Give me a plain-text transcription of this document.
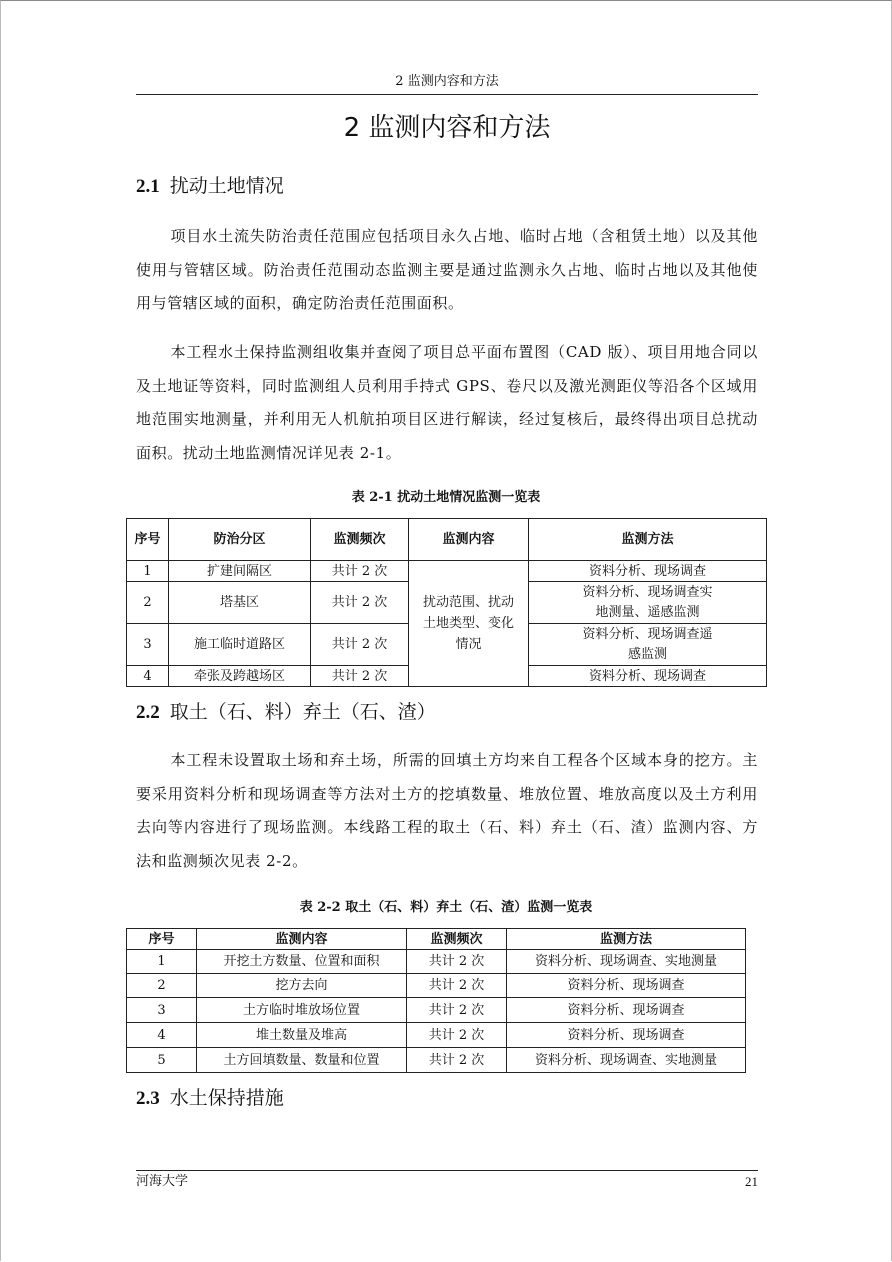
2 监测内容和方法
2 监测内容和方法
2.1 扰动土地情况

项目水土流失防治责任范围应包括项目永久占地、临时占地（含租赁土地）以及其他使用与管辖区域。防治责任范围动态监测主要是通过监测永久占地、临时占地以及其他使用与管辖区域的面积，确定防治责任范围面积。

本工程水土保持监测组收集并查阅了项目总平面布置图（CAD 版）、项目用地合同以及土地证等资料，同时监测组人员利用手持式 GPS、卷尺以及激光测距仪等沿各个区域用地范围实地测量，并利用无人机航拍项目区进行解读，经过复核后，最终得出项目总扰动面积。扰动土地监测情况详见表 2-1。

表 2-1 扰动土地情况监测一览表

序号	防治分区	监测频次	监测内容	监测方法
1	扩建间隔区	共计 2 次	扰动范围、扰动土地类型、变化情况	资料分析、现场调查
2	塔基区	共计 2 次		资料分析、现场调查实地测量、遥感监测
3	施工临时道路区	共计 2 次		资料分析、现场调查遥感监测
4	牵张及跨越场区	共计 2 次		资料分析、现场调查
2.2 取土（石、料）弃土（石、渣）

本工程未设置取土场和弃土场，所需的回填土方均来自工程各个区域本身的挖方。主要采用资料分析和现场调查等方法对土方的挖填数量、堆放位置、堆放高度以及土方利用去向等内容进行了现场监测。本线路工程的取土（石、料）弃土（石、渣）监测内容、方法和监测频次见表 2-2。

表 2-2 取土（石、料）弃土（石、渣）监测一览表

序号	监测内容	监测频次	监测方法
1	开挖土方数量、位置和面积	共计 2 次	资料分析、现场调查、实地测量
2	挖方去向	共计 2 次	资料分析、现场调查
3	土方临时堆放场位置	共计 2 次	资料分析、现场调查
4	堆土数量及堆高	共计 2 次	资料分析、现场调查
5	土方回填数量、数量和位置	共计 2 次	资料分析、现场调查、实地测量
2.3 水土保持措施
河海大学	21
